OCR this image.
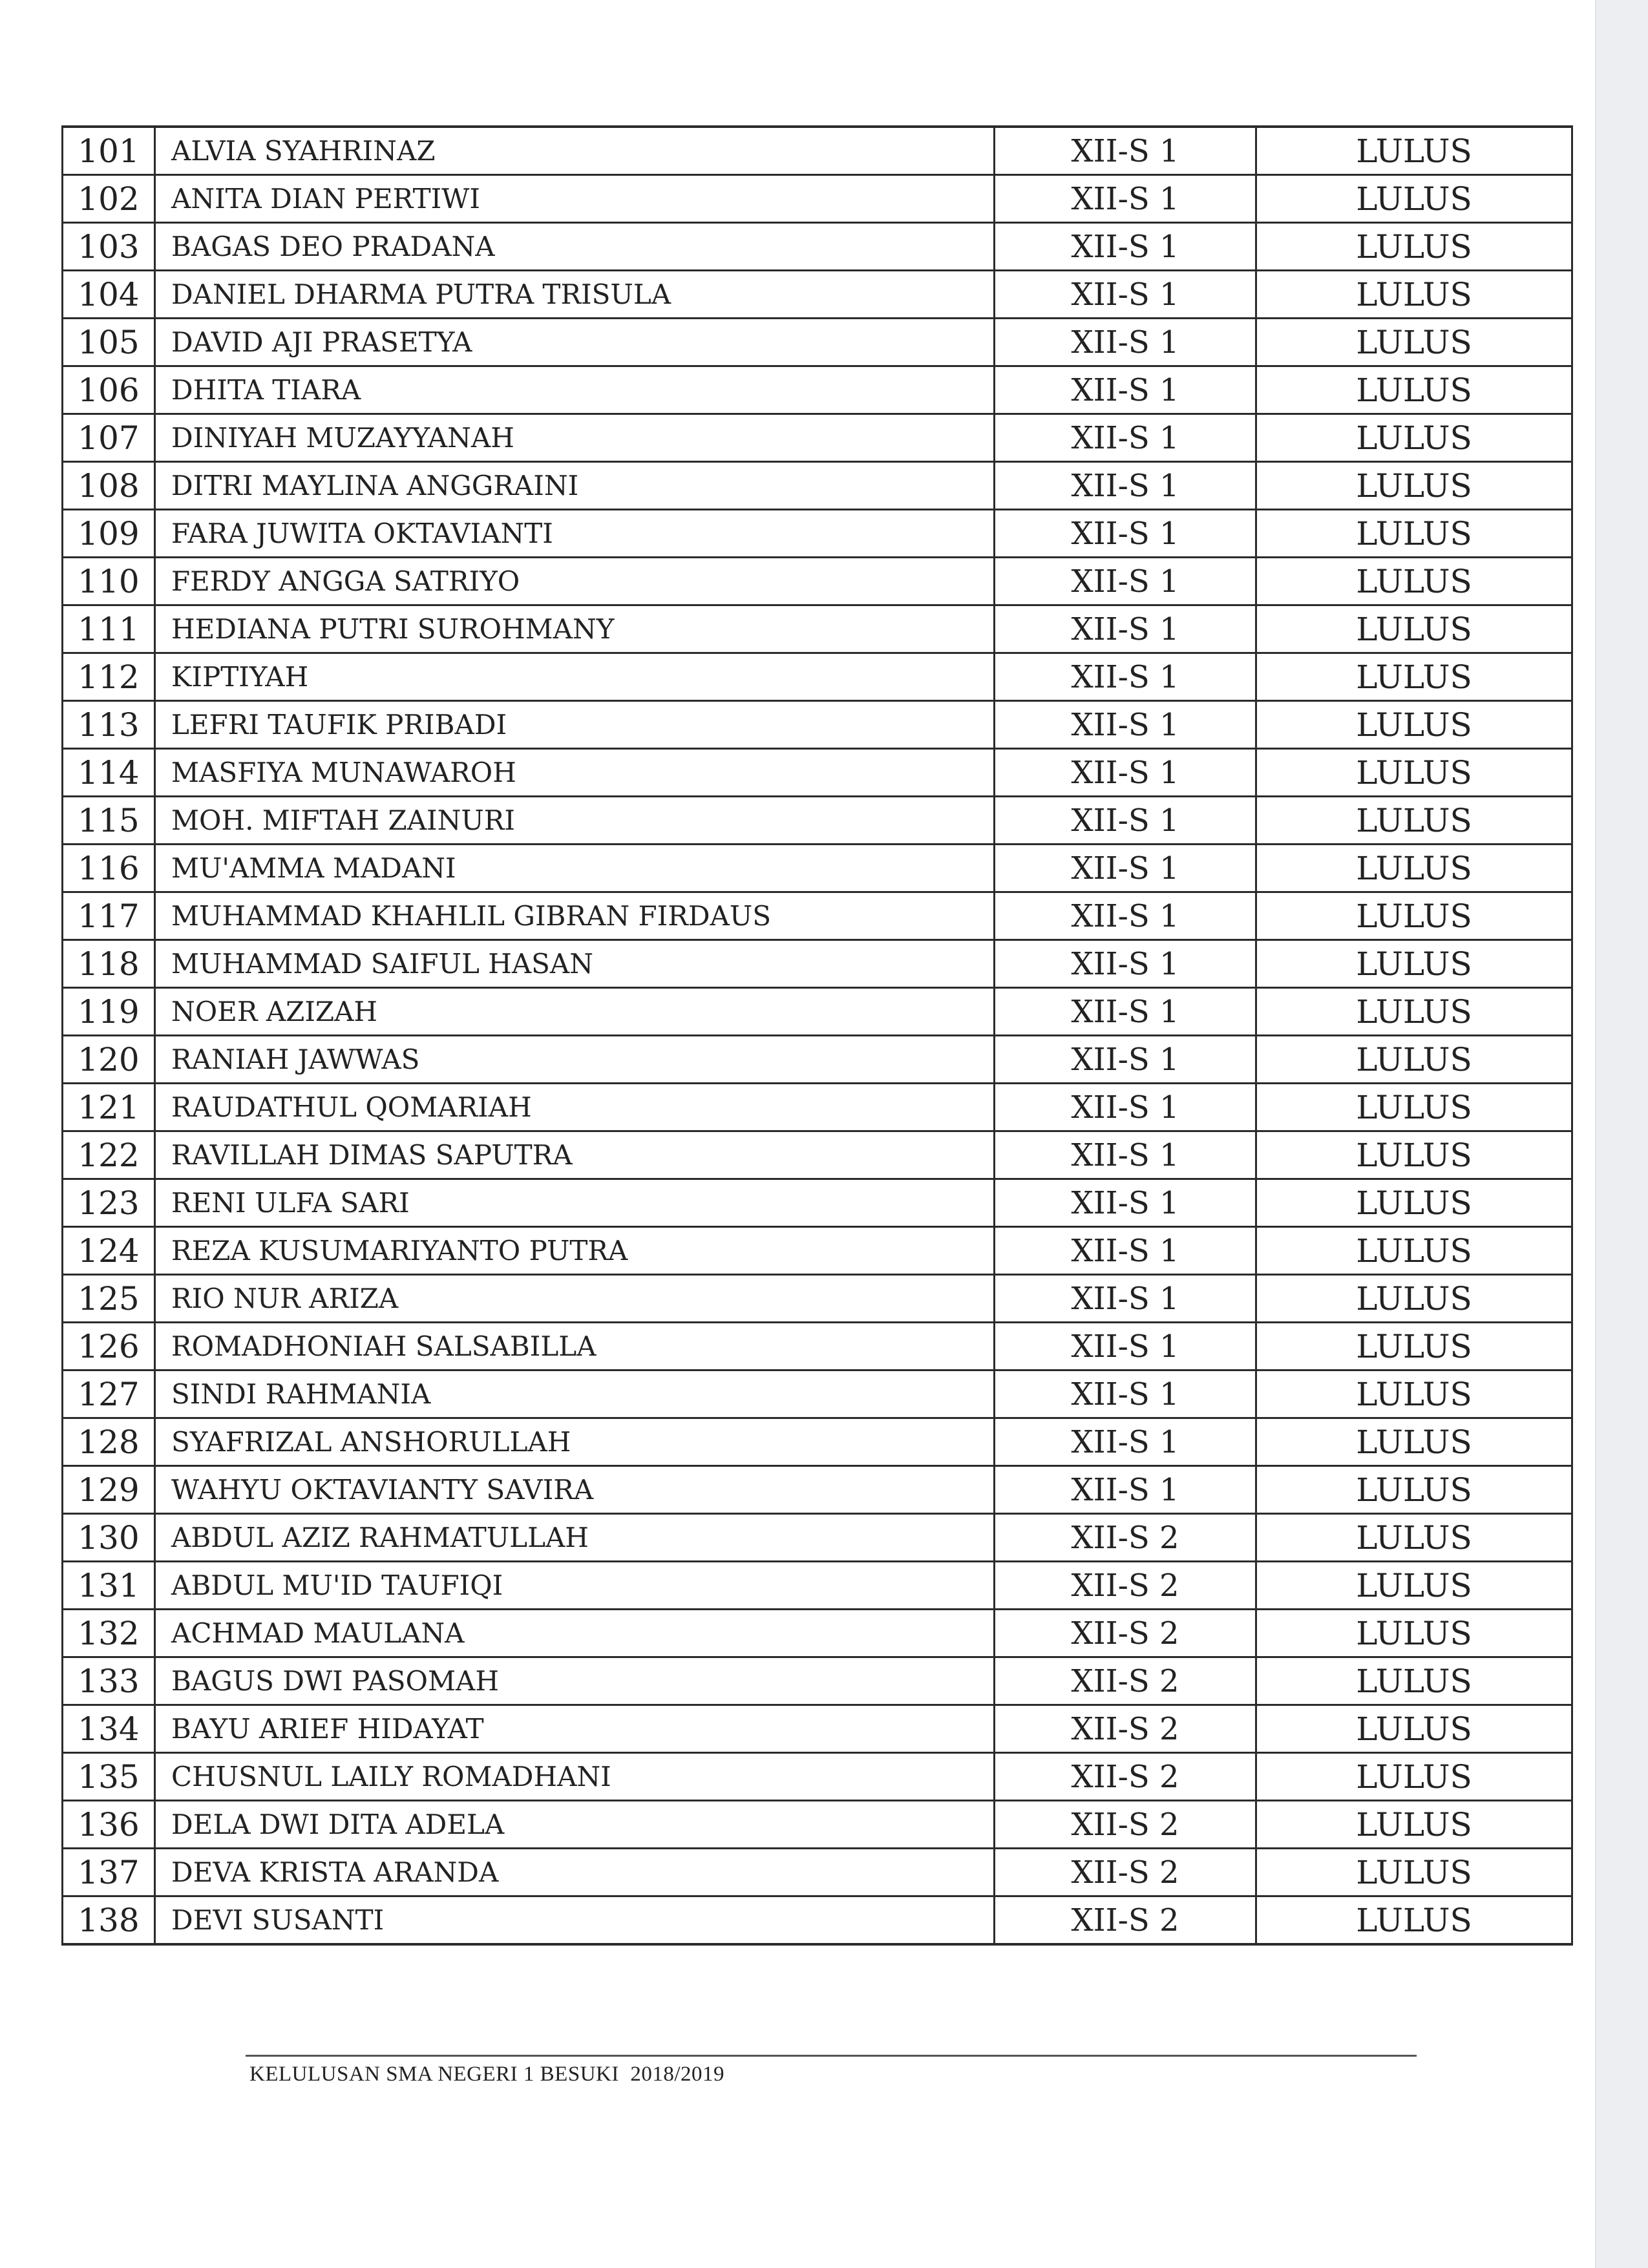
101	ALVIA SYAHRINAZ	XII-S 1	LULUS
102	ANITA DIAN PERTIWI	XII-S 1	LULUS
103	BAGAS DEO PRADANA	XII-S 1	LULUS
104	DANIEL DHARMA PUTRA TRISULA	XII-S 1	LULUS
105	DAVID AJI PRASETYA	XII-S 1	LULUS
106	DHITA TIARA	XII-S 1	LULUS
107	DINIYAH MUZAYYANAH	XII-S 1	LULUS
108	DITRI MAYLINA ANGGRAINI	XII-S 1	LULUS
109	FARA JUWITA OKTAVIANTI	XII-S 1	LULUS
110	FERDY ANGGA SATRIYO	XII-S 1	LULUS
111	HEDIANA PUTRI SUROHMANY	XII-S 1	LULUS
112	KIPTIYAH	XII-S 1	LULUS
113	LEFRI TAUFIK PRIBADI	XII-S 1	LULUS
114	MASFIYA MUNAWAROH	XII-S 1	LULUS
115	MOH. MIFTAH ZAINURI	XII-S 1	LULUS
116	MU'AMMA MADANI	XII-S 1	LULUS
117	MUHAMMAD KHAHLIL GIBRAN FIRDAUS	XII-S 1	LULUS
118	MUHAMMAD SAIFUL HASAN	XII-S 1	LULUS
119	NOER AZIZAH	XII-S 1	LULUS
120	RANIAH JAWWAS	XII-S 1	LULUS
121	RAUDATHUL QOMARIAH	XII-S 1	LULUS
122	RAVILLAH DIMAS SAPUTRA	XII-S 1	LULUS
123	RENI ULFA SARI	XII-S 1	LULUS
124	REZA KUSUMARIYANTO PUTRA	XII-S 1	LULUS
125	RIO NUR ARIZA	XII-S 1	LULUS
126	ROMADHONIAH SALSABILLA	XII-S 1	LULUS
127	SINDI RAHMANIA	XII-S 1	LULUS
128	SYAFRIZAL ANSHORULLAH	XII-S 1	LULUS
129	WAHYU OKTAVIANTY SAVIRA	XII-S 1	LULUS
130	ABDUL AZIZ RAHMATULLAH	XII-S 2	LULUS
131	ABDUL MU'ID TAUFIQI	XII-S 2	LULUS
132	ACHMAD MAULANA	XII-S 2	LULUS
133	BAGUS DWI PASOMAH	XII-S 2	LULUS
134	BAYU ARIEF HIDAYAT	XII-S 2	LULUS
135	CHUSNUL LAILY ROMADHANI	XII-S 2	LULUS
136	DELA DWI DITA ADELA	XII-S 2	LULUS
137	DEVA KRISTA ARANDA	XII-S 2	LULUS
138	DEVI SUSANTI	XII-S 2	LULUS
KELULUSAN SMA NEGERI 1 BESUKI  2018/2019
